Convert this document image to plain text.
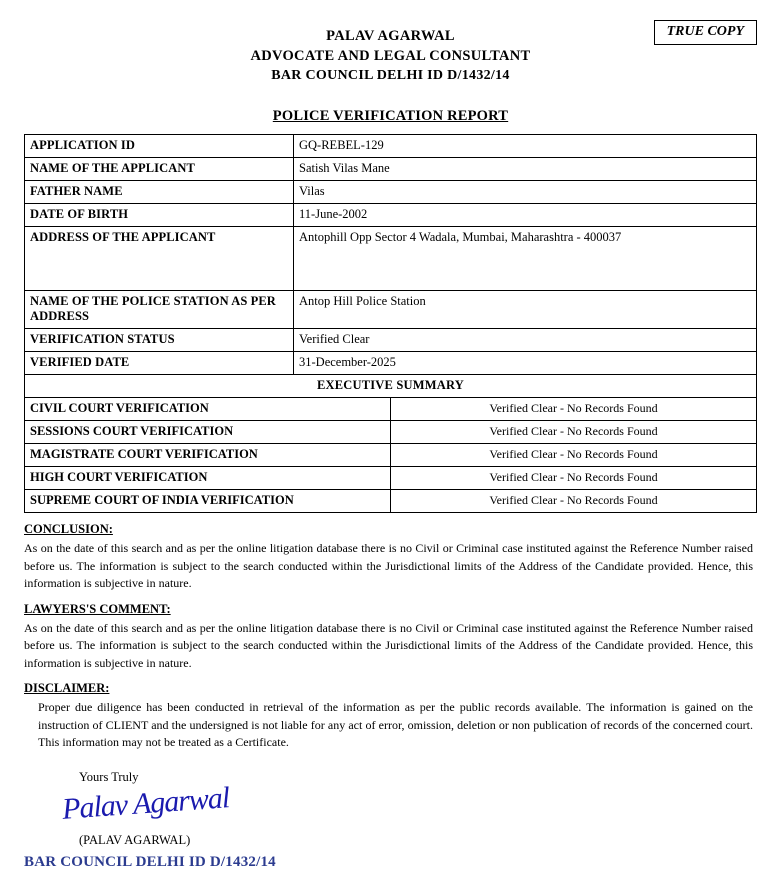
TRUE COPY
PALAV AGARWAL
ADVOCATE AND LEGAL CONSULTANT
BAR COUNCIL DELHI ID D/1432/14
POLICE VERIFICATION REPORT
APPLICATION ID	GQ-REBEL-129
NAME OF THE APPLICANT	Satish Vilas Mane
FATHER NAME	Vilas
DATE OF BIRTH	11-June-2002
ADDRESS OF THE APPLICANT	Antophill Opp Sector 4 Wadala, Mumbai, Maharashtra - 400037
NAME OF THE POLICE STATION AS PER ADDRESS	Antop Hill Police Station
VERIFICATION STATUS	Verified Clear
VERIFIED DATE	31-December-2025
EXECUTIVE SUMMARY	
CIVIL COURT VERIFICATION	Verified Clear - No Records Found
SESSIONS COURT VERIFICATION	Verified Clear - No Records Found
MAGISTRATE COURT VERIFICATION	Verified Clear - No Records Found
HIGH COURT VERIFICATION	Verified Clear - No Records Found
SUPREME COURT OF INDIA VERIFICATION	Verified Clear - No Records Found
CONCLUSION:
As on the date of this search and as per the online litigation database there is no Civil or Criminal case instituted against the Reference Number raised before us. The information is subject to the search conducted within the Jurisdictional limits of the Address of the Candidate provided. Hence, this information is subjective in nature.
LAWYERS'S COMMENT:
As on the date of this search and as per the online litigation database there is no Civil or Criminal case instituted against the Reference Number raised before us. The information is subject to the search conducted within the Jurisdictional limits of the Address of the Candidate provided. Hence, this information is subjective in nature.
DISCLAIMER:
Proper due diligence has been conducted in retrieval of the information as per the public records available. The information is gained on the instruction of CLIENT and the undersigned is not liable for any act of error, omission, deletion or non publication of records of the concerned court. This information may not be treated as a Certificate.
Yours Truly
Palav Agarwal
(PALAV AGARWAL)
BAR COUNCIL DELHI ID D/1432/14
